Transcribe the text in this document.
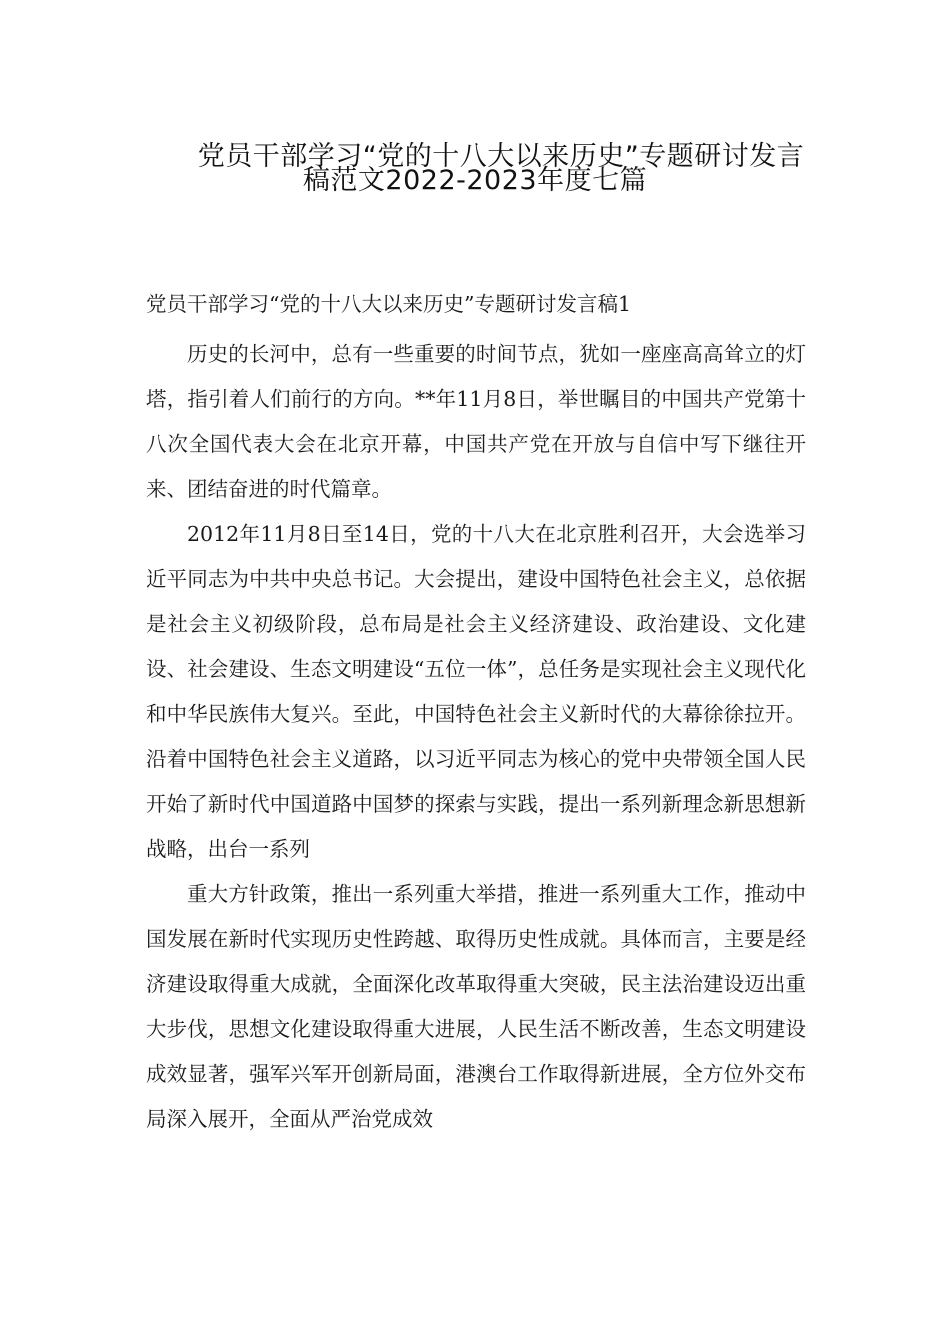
党员干部学习“党的十八大以来历史”专题研讨发言
稿范文2022-2023年度七篇
党员干部学习“党的十八大以来历史”专题研讨发言稿1

历史的长河中，总有一些重要的时间节点，犹如一座座高高耸立的灯塔，指引着人们前行的方向。**年11月8日，举世瞩目的中国共产党第十八次全国代表大会在北京开幕，中国共产党在开放与自信中写下继往开来、团结奋进的时代篇章。

2012年11月8日至14日，党的十八大在北京胜利召开，大会选举习近平同志为中共中央总书记。大会提出，建设中国特色社会主义，总依据是社会主义初级阶段，总布局是社会主义经济建设、政治建设、文化建设、社会建设、生态文明建设“五位一体”，总任务是实现社会主义现代化和中华民族伟大复兴。至此，中国特色社会主义新时代的大幕徐徐拉开。沿着中国特色社会主义道路，以习近平同志为核心的党中央带领全国人民开始了新时代中国道路中国梦的探索与实践，提出一系列新理念新思想新战略，出台一系列

重大方针政策，推出一系列重大举措，推进一系列重大工作，推动中国发展在新时代实现历史性跨越、取得历史性成就。具体而言，主要是经济建设取得重大成就，全面深化改革取得重大突破，民主法治建设迈出重大步伐，思想文化建设取得重大进展，人民生活不断改善，生态文明建设成效显著，强军兴军开创新局面，港澳台工作取得新进展，全方位外交布局深入展开，全面从严治党成效
